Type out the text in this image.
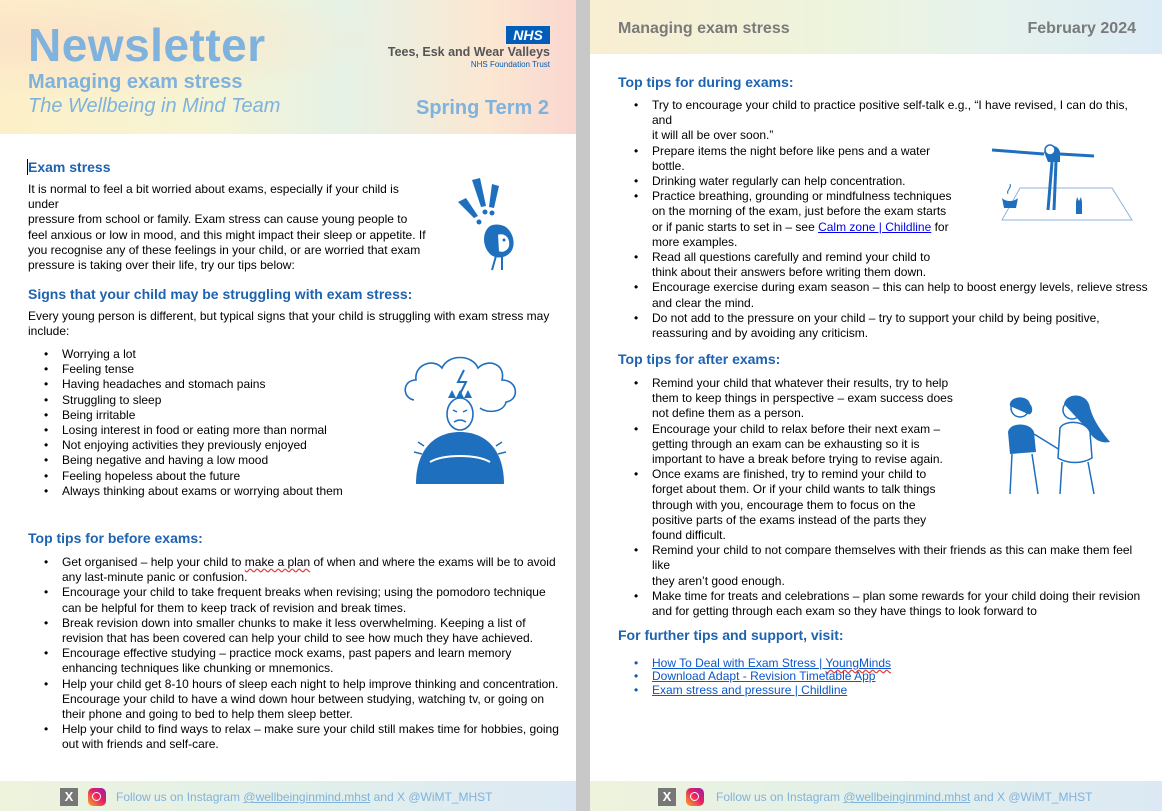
Newsletter
Managing exam stress
The Wellbeing in Mind Team	Spring Term 2
NHS
Tees, Esk and Wear Valleys
NHS Foundation Trust
Exam stress
It is normal to feel a bit worried about exams, especially if your child is under
pressure from school or family. Exam stress can cause young people to
feel anxious or low in mood, and this might impact their sleep or appetite. If
you recognise any of these feelings in your child, or are worried that exam
pressure is taking over their life, try our tips below:
Signs that your child may be struggling with exam stress:
Every young person is different, but typical signs that your child is struggling with exam stress may
include:
• Worrying a lot
• Feeling tense
• Having headaches and stomach pains
• Struggling to sleep
• Being irritable
• Losing interest in food or eating more than normal
• Not enjoying activities they previously enjoyed
• Being negative and having a low mood
• Feeling hopeless about the future
• Always thinking about exams or worrying about them
Top tips for before exams:
• Get organised – help your child to make a plan of when and where the exams will be to avoid
any last-minute panic or confusion.
• Encourage your child to take frequent breaks when revising; using the pomodoro technique
can be helpful for them to keep track of revision and break times.
• Break revision down into smaller chunks to make it less overwhelming. Keeping a list of
revision that has been covered can help your child to see how much they have achieved.
• Encourage effective studying – practice mock exams, past papers and learn memory
enhancing techniques like chunking or mnemonics.
• Help your child get 8-10 hours of sleep each night to help improve thinking and concentration.
Encourage your child to have a wind down hour between studying, watching tv, or going on
their phone and going to bed to help them sleep better.
• Help your child to find ways to relax – make sure your child still makes time for hobbies, going
out with friends and self-care.
X	Follow us on Instagram @wellbeinginmind.mhst and X @WiMT_MHST
Managing exam stress	February 2024
Top tips for during exams:
• Try to encourage your child to practice positive self-talk e.g., “I have revised, I can do this, and
it will all be over soon.”
• Prepare items the night before like pens and a water
bottle.
• Drinking water regularly can help concentration.
• Practice breathing, grounding or mindfulness techniques
on the morning of the exam, just before the exam starts
or if panic starts to set in – see Calm zone | Childline for
more examples.
• Read all questions carefully and remind your child to
think about their answers before writing them down.
• Encourage exercise during exam season – this can help to boost energy levels, relieve stress
and clear the mind.
• Do not add to the pressure on your child – try to support your child by being positive,
reassuring and by avoiding any criticism.
Top tips for after exams:
• Remind your child that whatever their results, try to help
them to keep things in perspective – exam success does
not define them as a person.
• Encourage your child to relax before their next exam –
getting through an exam can be exhausting so it is
important to have a break before trying to revise again.
• Once exams are finished, try to remind your child to
forget about them. Or if your child wants to talk things
through with you, encourage them to focus on the
positive parts of the exams instead of the parts they
found difficult.
• Remind your child to not compare themselves with their friends as this can make them feel like
they aren’t good enough.
• Make time for treats and celebrations – plan some rewards for your child doing their revision
and for getting through each exam so they have things to look forward to
For further tips and support, visit:
• How To Deal with Exam Stress | YoungMinds
• Download Adapt - Revision Timetable App
• Exam stress and pressure | Childline
X	Follow us on Instagram @wellbeinginmind.mhst and X @WiMT_MHST
